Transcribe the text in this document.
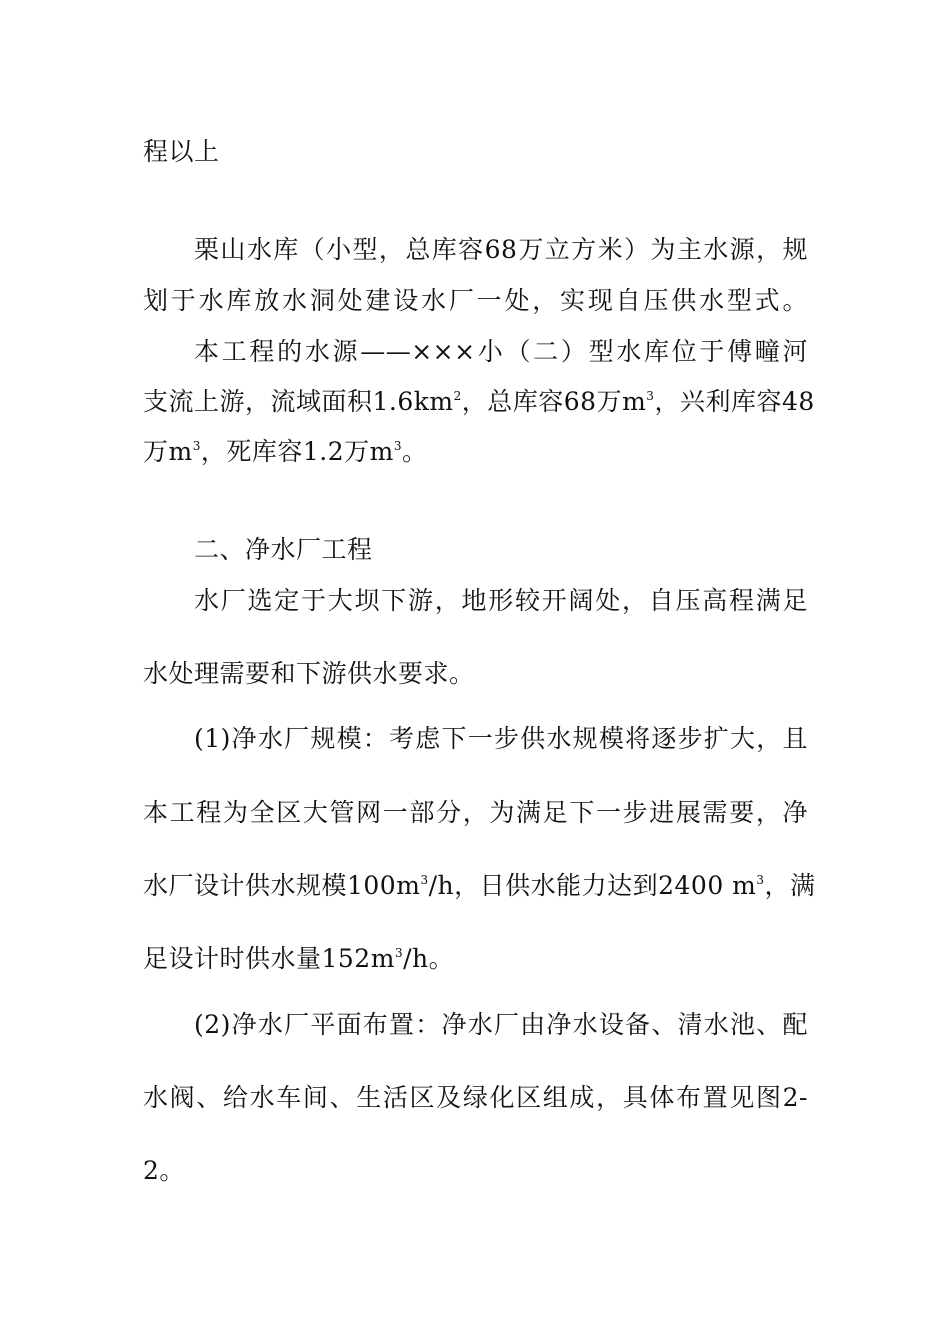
程以上
栗山水库（小型，总库容68万立方米）为主水源，规
划于水库放水洞处建设水厂一处，实现自压供水型式。
本工程的水源——×××小（二）型水库位于傅疃河
支流上游，流域面积$1.6km^2$，总库容68万$m^3$，兴利库容48
万$m^3$，死库容1.2万$m^3$。
二、净水厂工程
水厂选定于大坝下游，地形较开阔处，自压高程满足
水处理需要和下游供水要求。
(1)净水厂规模：考虑下一步供水规模将逐步扩大，且
本工程为全区大管网一部分，为满足下一步进展需要，净
水厂设计供水规模$100m^3/h$，日供水能力达到2400 $m^3$，满
足设计时供水量$152m^3/h$。
(2)净水厂平面布置：净水厂由净水设备、清水池、配
水阀、给水车间、生活区及绿化区组成，具体布置见图2-
2。
